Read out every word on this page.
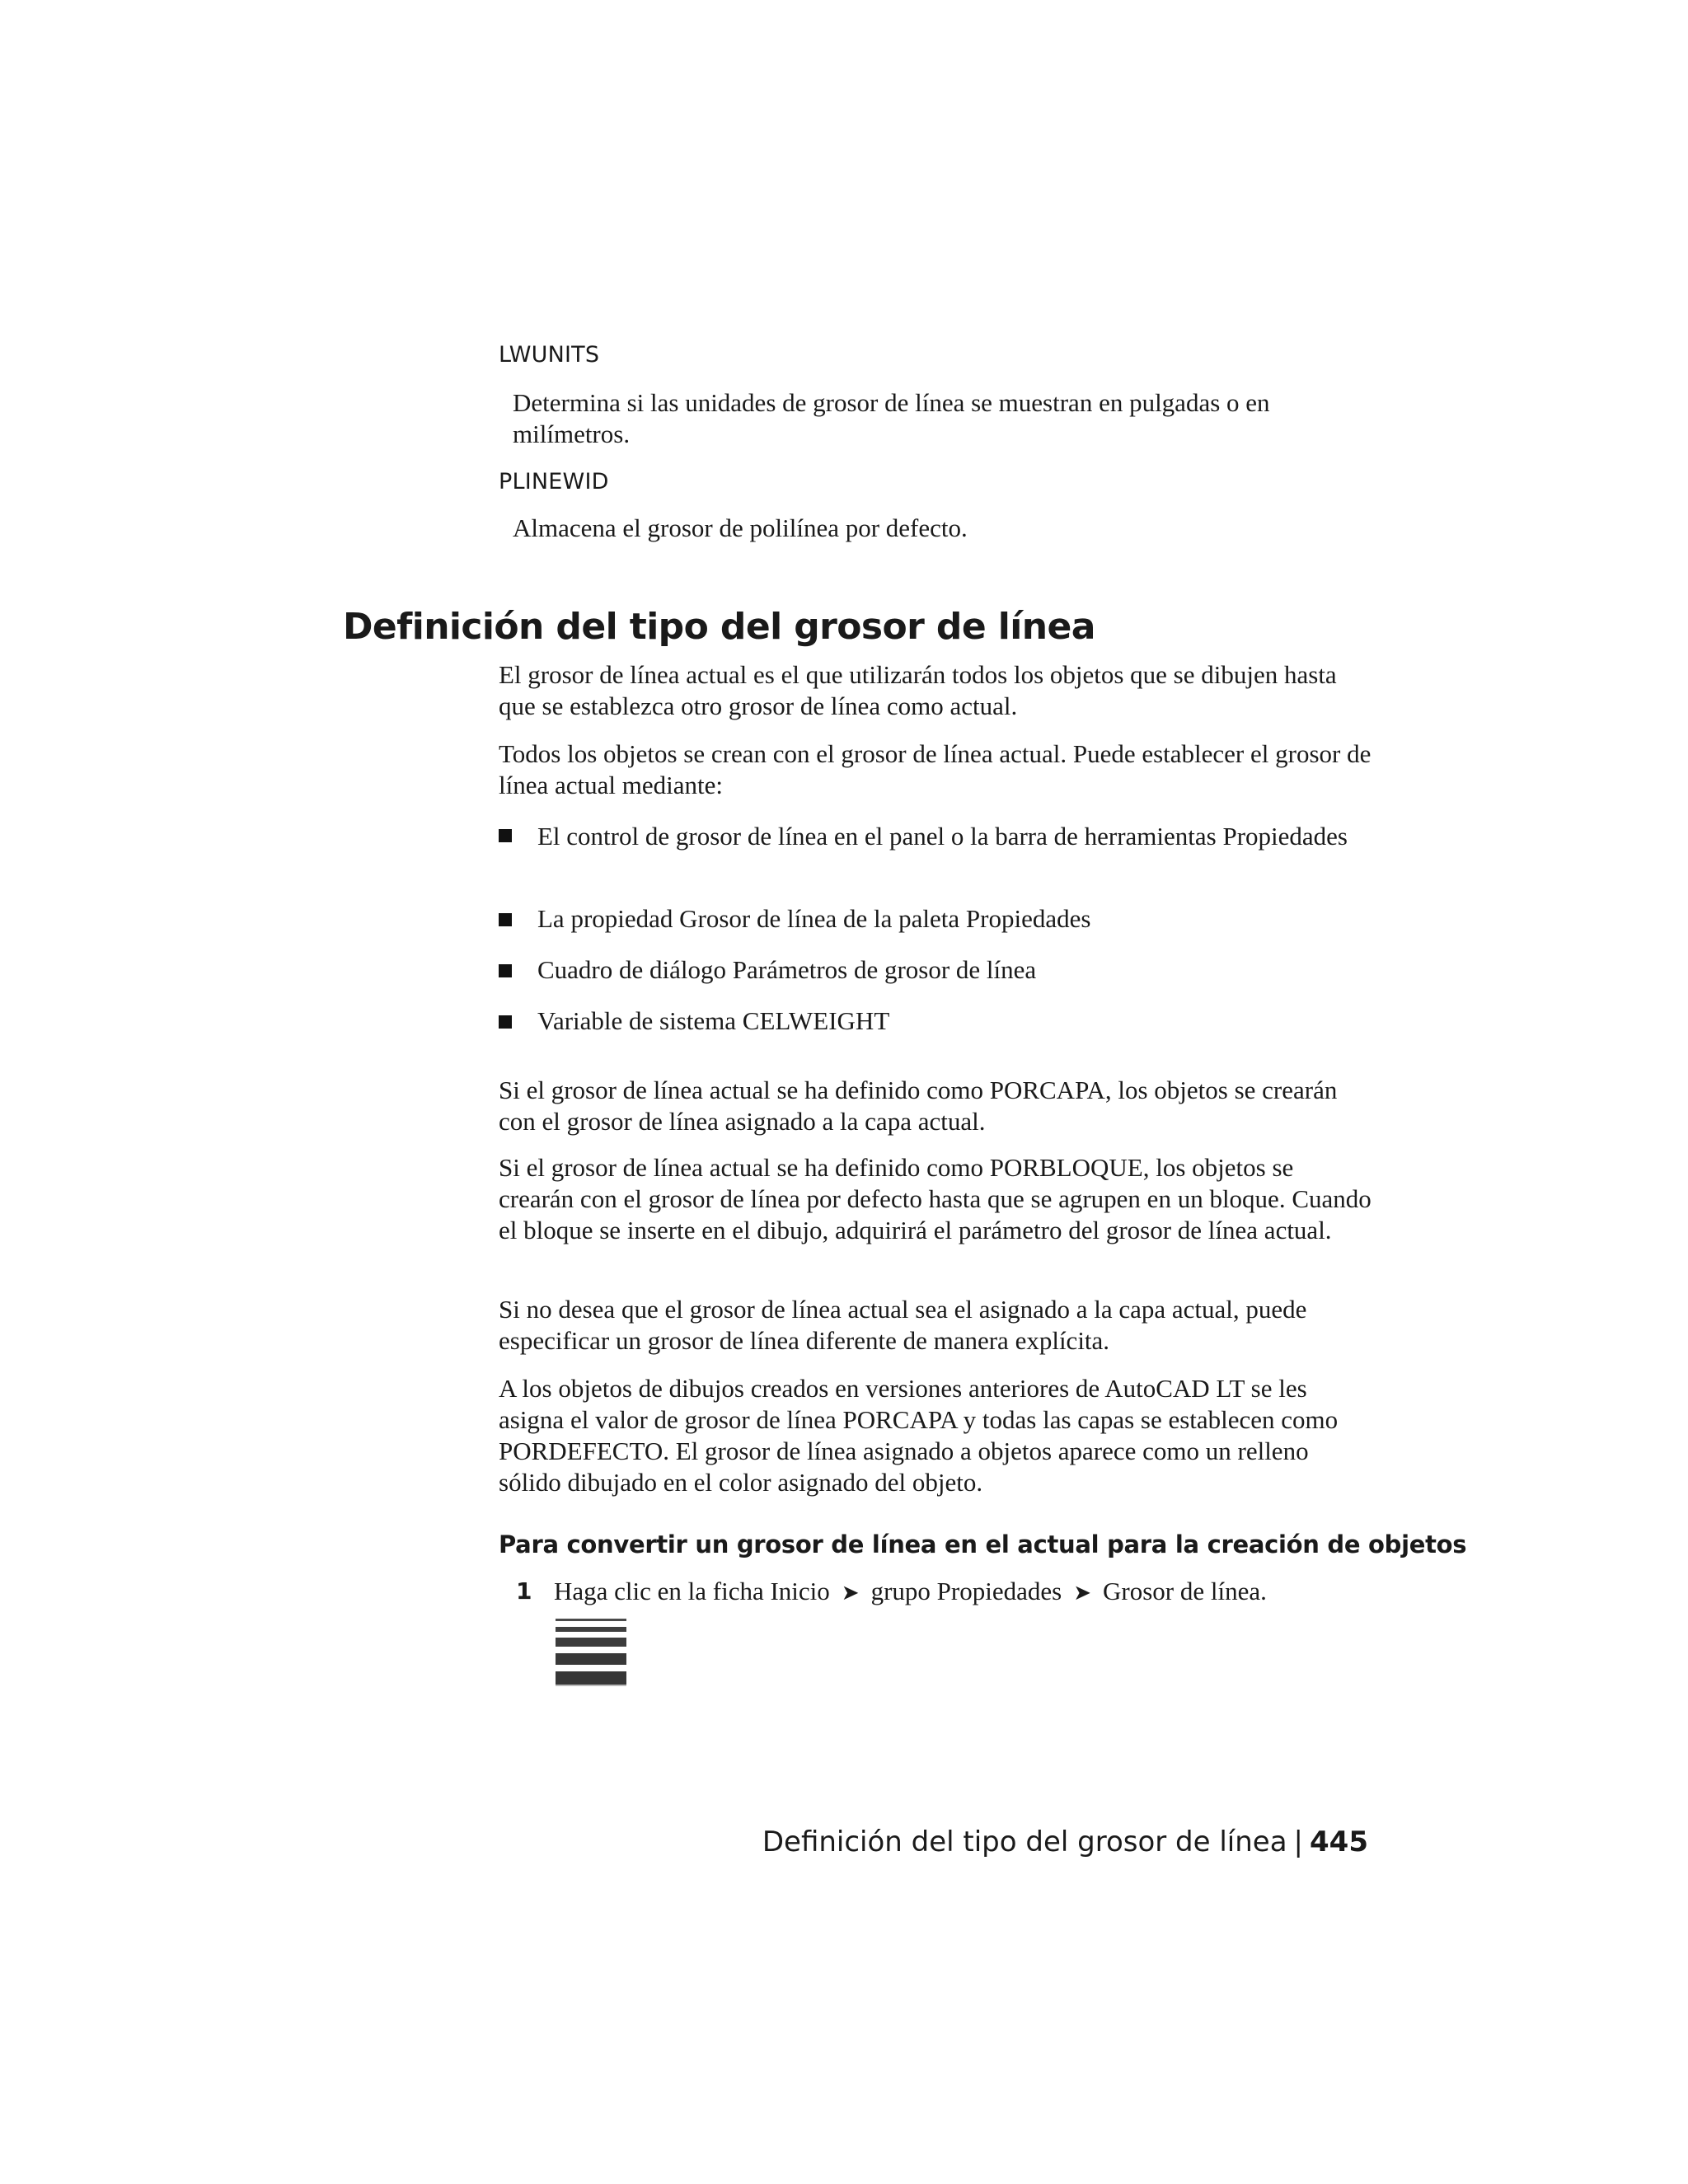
LWUNITS
Determina si las unidades de grosor de línea se muestran en pulgadas o en milímetros.
PLINEWID
Almacena el grosor de polilínea por defecto.
Definición del tipo del grosor de línea
El grosor de línea actual es el que utilizarán todos los objetos que se dibujen hasta que se establezca otro grosor de línea como actual.
Todos los objetos se crean con el grosor de línea actual. Puede establecer el grosor de línea actual mediante:
El control de grosor de línea en el panel o la barra de herramientas Propiedades
La propiedad Grosor de línea de la paleta Propiedades
Cuadro de diálogo Parámetros de grosor de línea
Variable de sistema CELWEIGHT
Si el grosor de línea actual se ha definido como PORCAPA, los objetos se crearán con el grosor de línea asignado a la capa actual.
Si el grosor de línea actual se ha definido como PORBLOQUE, los objetos se crearán con el grosor de línea por defecto hasta que se agrupen en un bloque. Cuando el bloque se inserte en el dibujo, adquirirá el parámetro del grosor de línea actual.
Si no desea que el grosor de línea actual sea el asignado a la capa actual, puede especificar un grosor de línea diferente de manera explícita.
A los objetos de dibujos creados en versiones anteriores de AutoCAD LT se les asigna el valor de grosor de línea PORCAPA y todas las capas se establecen como PORDEFECTO. El grosor de línea asignado a objetos aparece como un relleno sólido dibujado en el color asignado del objeto.
Para convertir un grosor de línea en el actual para la creación de objetos
1 Haga clic en la ficha Inicio ➤ grupo Propiedades ➤ Grosor de línea.
Definición del tipo del grosor de línea | 445
